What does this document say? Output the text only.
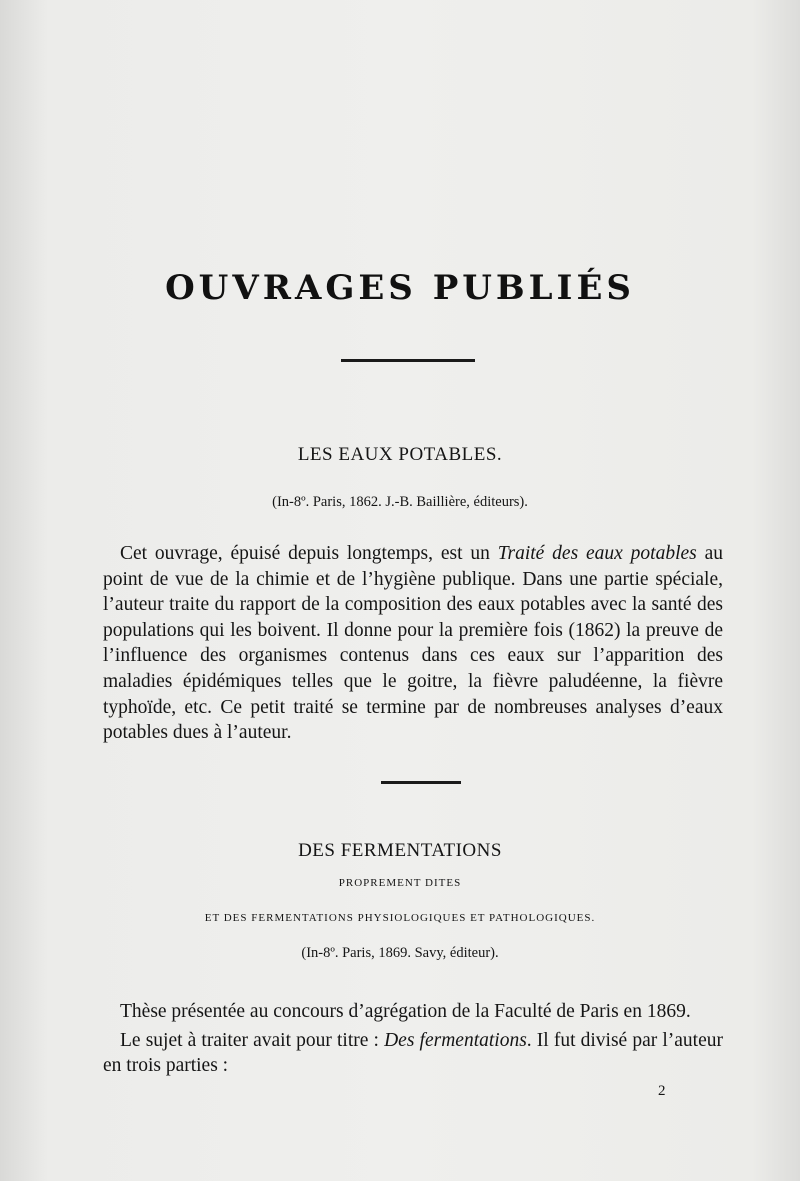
OUVRAGES PUBLIÉS
LES EAUX POTABLES.
(In-8º. Paris, 1862. J.-B. Baillière, éditeurs).

Cet ouvrage, épuisé depuis longtemps, est un Traité des eaux potables au point de vue de la chimie et de l’hygiène publique. Dans une partie spéciale, l’auteur traite du rapport de la composition des eaux potables avec la santé des populations qui les boivent. Il donne pour la première fois (1862) la preuve de l’influence des organismes contenus dans ces eaux sur l’apparition des maladies épidémiques telles que le goitre, la fièvre paludéenne, la fièvre typhoïde, etc. Ce petit traité se termine par de nombreuses analyses d’eaux potables dues à l’auteur.

DES FERMENTATIONS
PROPREMENT DITES
ET DES FERMENTATIONS PHYSIOLOGIQUES ET PATHOLOGIQUES.
(In-8º. Paris, 1869. Savy, éditeur).

Thèse présentée au concours d’agrégation de la Faculté de Paris en 1869.

Le sujet à traiter avait pour titre : Des fermentations. Il fut divisé par l’auteur en trois parties :

2
